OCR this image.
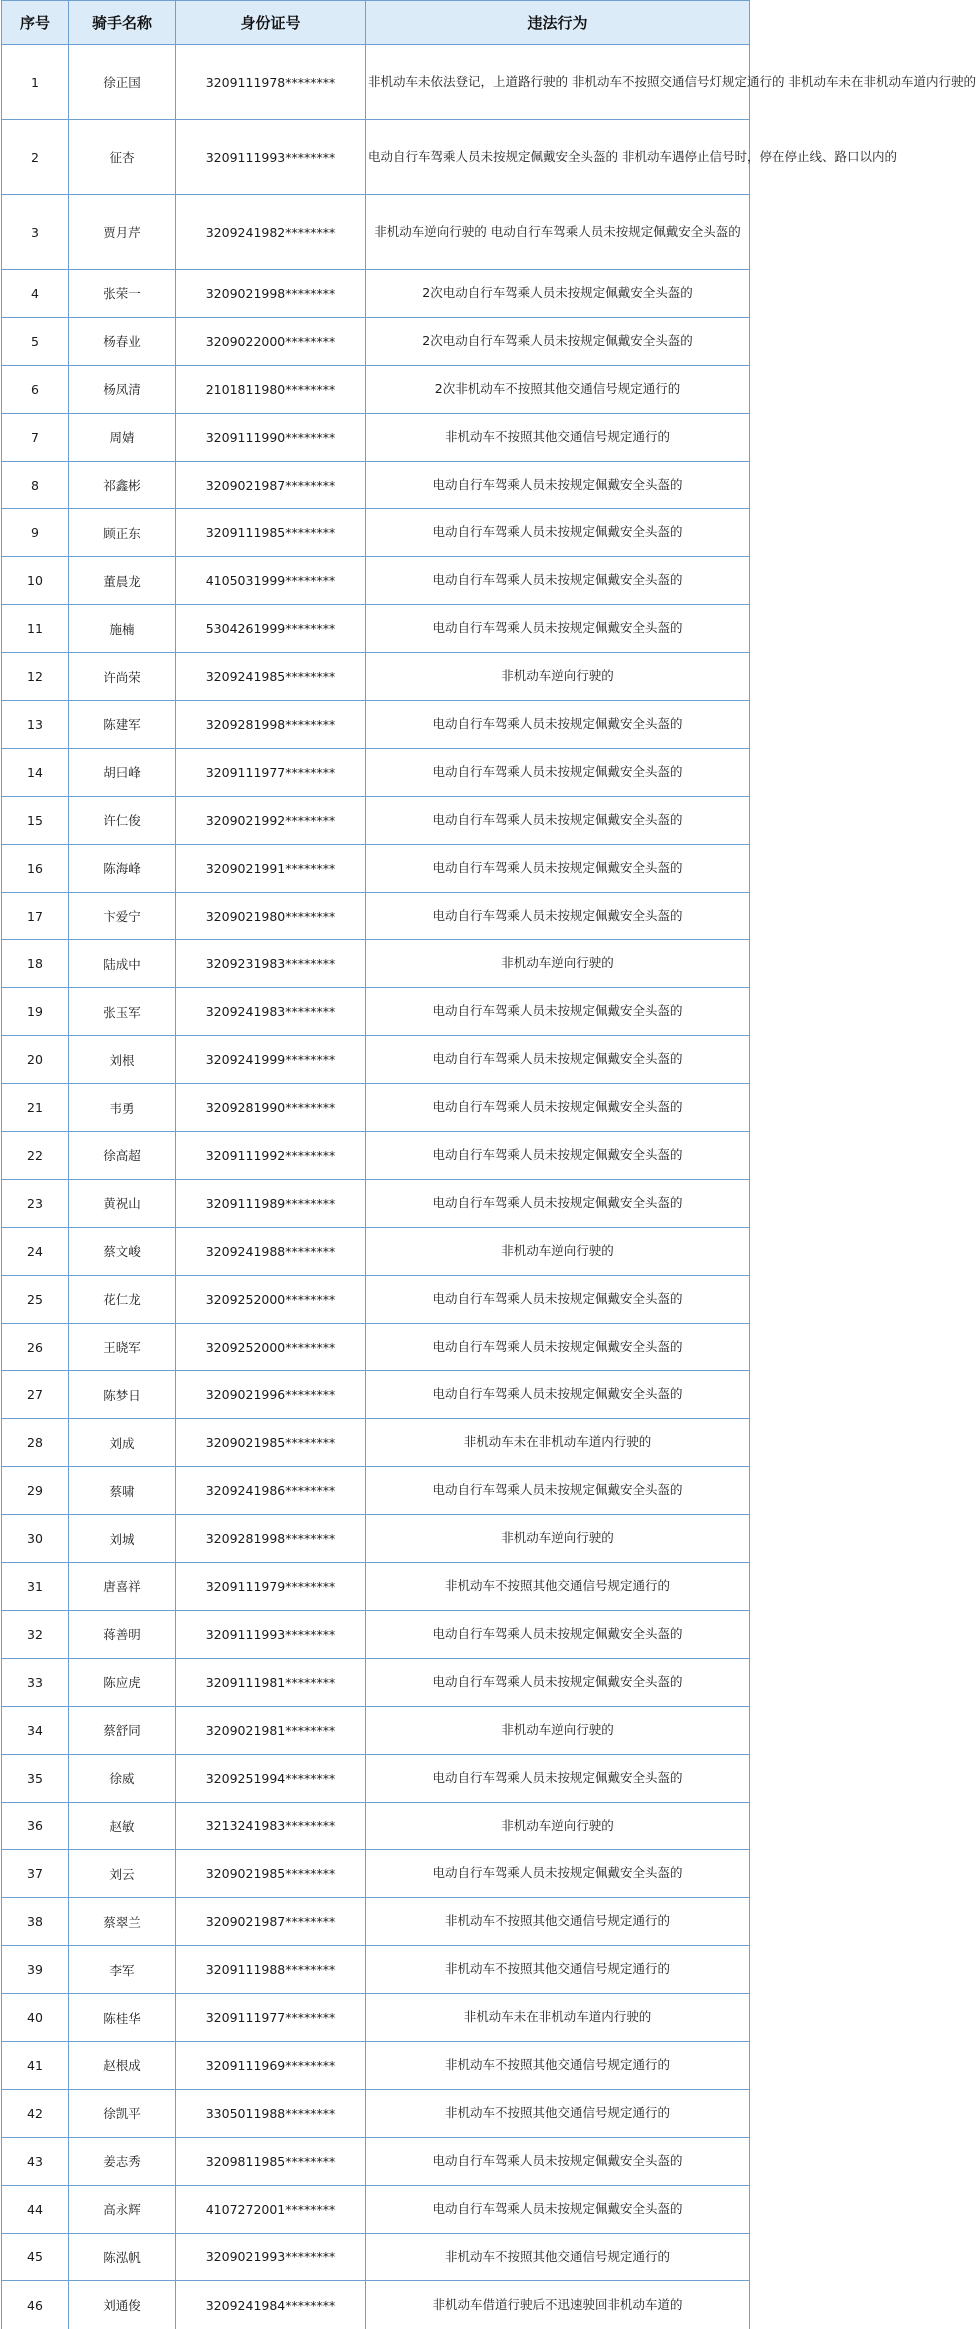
序号	骑手名称	身份证号	违法行为
1	徐正国	3209111978********	非机动车未依法登记，上道路行驶的 非机动车不按照交通信号灯规定通行的 非机动车未在非机动车道内行驶的
2	征杏	3209111993********	电动自行车驾乘人员未按规定佩戴安全头盔的 非机动车遇停止信号时，停在停止线、路口以内的
3	贾月芹	3209241982********	非机动车逆向行驶的 电动自行车驾乘人员未按规定佩戴安全头盔的
4	张荣一	3209021998********	2次电动自行车驾乘人员未按规定佩戴安全头盔的
5	杨春业	3209022000********	2次电动自行车驾乘人员未按规定佩戴安全头盔的
6	杨凤清	2101811980********	2次非机动车不按照其他交通信号规定通行的
7	周婧	3209111990********	非机动车不按照其他交通信号规定通行的
8	祁鑫彬	3209021987********	电动自行车驾乘人员未按规定佩戴安全头盔的
9	顾正东	3209111985********	电动自行车驾乘人员未按规定佩戴安全头盔的
10	董晨龙	4105031999********	电动自行车驾乘人员未按规定佩戴安全头盔的
11	施楠	5304261999********	电动自行车驾乘人员未按规定佩戴安全头盔的
12	许尚荣	3209241985********	非机动车逆向行驶的
13	陈建军	3209281998********	电动自行车驾乘人员未按规定佩戴安全头盔的
14	胡曰峰	3209111977********	电动自行车驾乘人员未按规定佩戴安全头盔的
15	许仁俊	3209021992********	电动自行车驾乘人员未按规定佩戴安全头盔的
16	陈海峰	3209021991********	电动自行车驾乘人员未按规定佩戴安全头盔的
17	卞爱宁	3209021980********	电动自行车驾乘人员未按规定佩戴安全头盔的
18	陆成中	3209231983********	非机动车逆向行驶的
19	张玉军	3209241983********	电动自行车驾乘人员未按规定佩戴安全头盔的
20	刘根	3209241999********	电动自行车驾乘人员未按规定佩戴安全头盔的
21	韦勇	3209281990********	电动自行车驾乘人员未按规定佩戴安全头盔的
22	徐高超	3209111992********	电动自行车驾乘人员未按规定佩戴安全头盔的
23	黄祝山	3209111989********	电动自行车驾乘人员未按规定佩戴安全头盔的
24	蔡文峻	3209241988********	非机动车逆向行驶的
25	花仁龙	3209252000********	电动自行车驾乘人员未按规定佩戴安全头盔的
26	王晓军	3209252000********	电动自行车驾乘人员未按规定佩戴安全头盔的
27	陈梦日	3209021996********	电动自行车驾乘人员未按规定佩戴安全头盔的
28	刘成	3209021985********	非机动车未在非机动车道内行驶的
29	蔡啸	3209241986********	电动自行车驾乘人员未按规定佩戴安全头盔的
30	刘城	3209281998********	非机动车逆向行驶的
31	唐喜祥	3209111979********	非机动车不按照其他交通信号规定通行的
32	蒋善明	3209111993********	电动自行车驾乘人员未按规定佩戴安全头盔的
33	陈应虎	3209111981********	电动自行车驾乘人员未按规定佩戴安全头盔的
34	蔡舒同	3209021981********	非机动车逆向行驶的
35	徐威	3209251994********	电动自行车驾乘人员未按规定佩戴安全头盔的
36	赵敏	3213241983********	非机动车逆向行驶的
37	刘云	3209021985********	电动自行车驾乘人员未按规定佩戴安全头盔的
38	蔡翠兰	3209021987********	非机动车不按照其他交通信号规定通行的
39	李军	3209111988********	非机动车不按照其他交通信号规定通行的
40	陈桂华	3209111977********	非机动车未在非机动车道内行驶的
41	赵根成	3209111969********	非机动车不按照其他交通信号规定通行的
42	徐凯平	3305011988********	非机动车不按照其他交通信号规定通行的
43	姜志秀	3209811985********	电动自行车驾乘人员未按规定佩戴安全头盔的
44	高永辉	4107272001********	电动自行车驾乘人员未按规定佩戴安全头盔的
45	陈泓帆	3209021993********	非机动车不按照其他交通信号规定通行的
46	刘通俊	3209241984********	非机动车借道行驶后不迅速驶回非机动车道的
